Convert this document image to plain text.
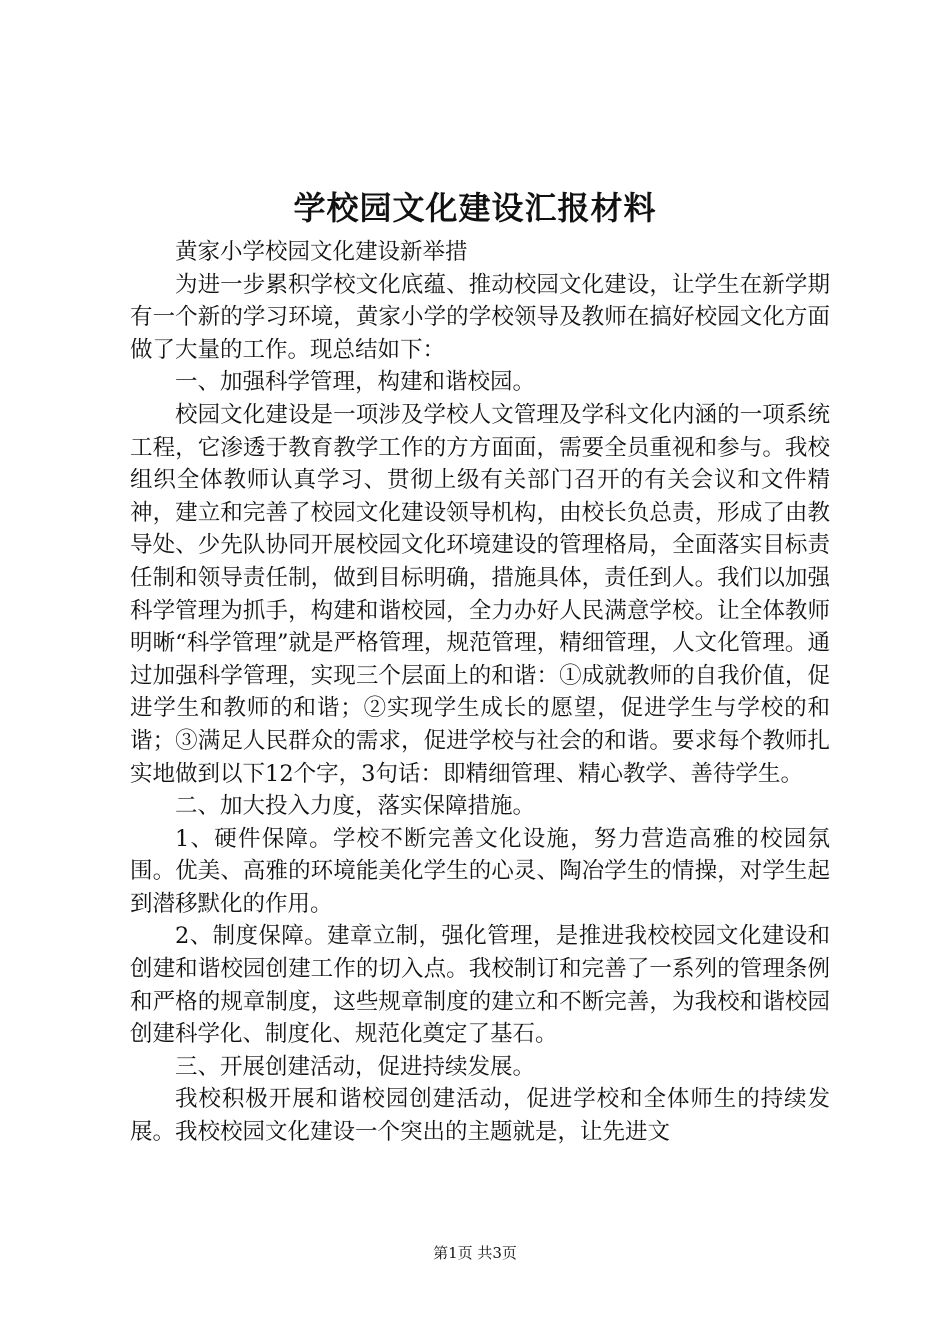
学校园文化建设汇报材料

黄家小学校园文化建设新举措

为进一步累积学校文化底蕴、推动校园文化建设，让学生在新学期有一个新的学习环境，黄家小学的学校领导及教师在搞好校园文化方面做了大量的工作。现总结如下：

一、加强科学管理，构建和谐校园。

校园文化建设是一项涉及学校人文管理及学科文化内涵的一项系统工程，它渗透于教育教学工作的方方面面，需要全员重视和参与。我校组织全体教师认真学习、贯彻上级有关部门召开的有关会议和文件精神，建立和完善了校园文化建设领导机构，由校长负总责，形成了由教导处、少先队协同开展校园文化环境建设的管理格局，全面落实目标责任制和领导责任制，做到目标明确，措施具体，责任到人。我们以加强科学管理为抓手，构建和谐校园，全力办好人民满意学校。让全体教师明晰“科学管理”就是严格管理，规范管理，精细管理，人文化管理。通过加强科学管理，实现三个层面上的和谐：①成就教师的自我价值，促进学生和教师的和谐；②实现学生成长的愿望，促进学生与学校的和谐；③满足人民群众的需求，促进学校与社会的和谐。要求每个教师扎实地做到以下12个字，3句话：即精细管理、精心教学、善待学生。

二、加大投入力度，落实保障措施。

1、硬件保障。学校不断完善文化设施，努力营造高雅的校园氛围。优美、高雅的环境能美化学生的心灵、陶冶学生的情操，对学生起到潜移默化的作用。

2、制度保障。建章立制，强化管理，是推进我校校园文化建设和创建和谐校园创建工作的切入点。我校制订和完善了一系列的管理条例和严格的规章制度，这些规章制度的建立和不断完善，为我校和谐校园创建科学化、制度化、规范化奠定了基石。

三、开展创建活动，促进持续发展。

我校积极开展和谐校园创建活动，促进学校和全体师生的持续发展。我校校园文化建设一个突出的主题就是，让先进文

第1页 共3页
